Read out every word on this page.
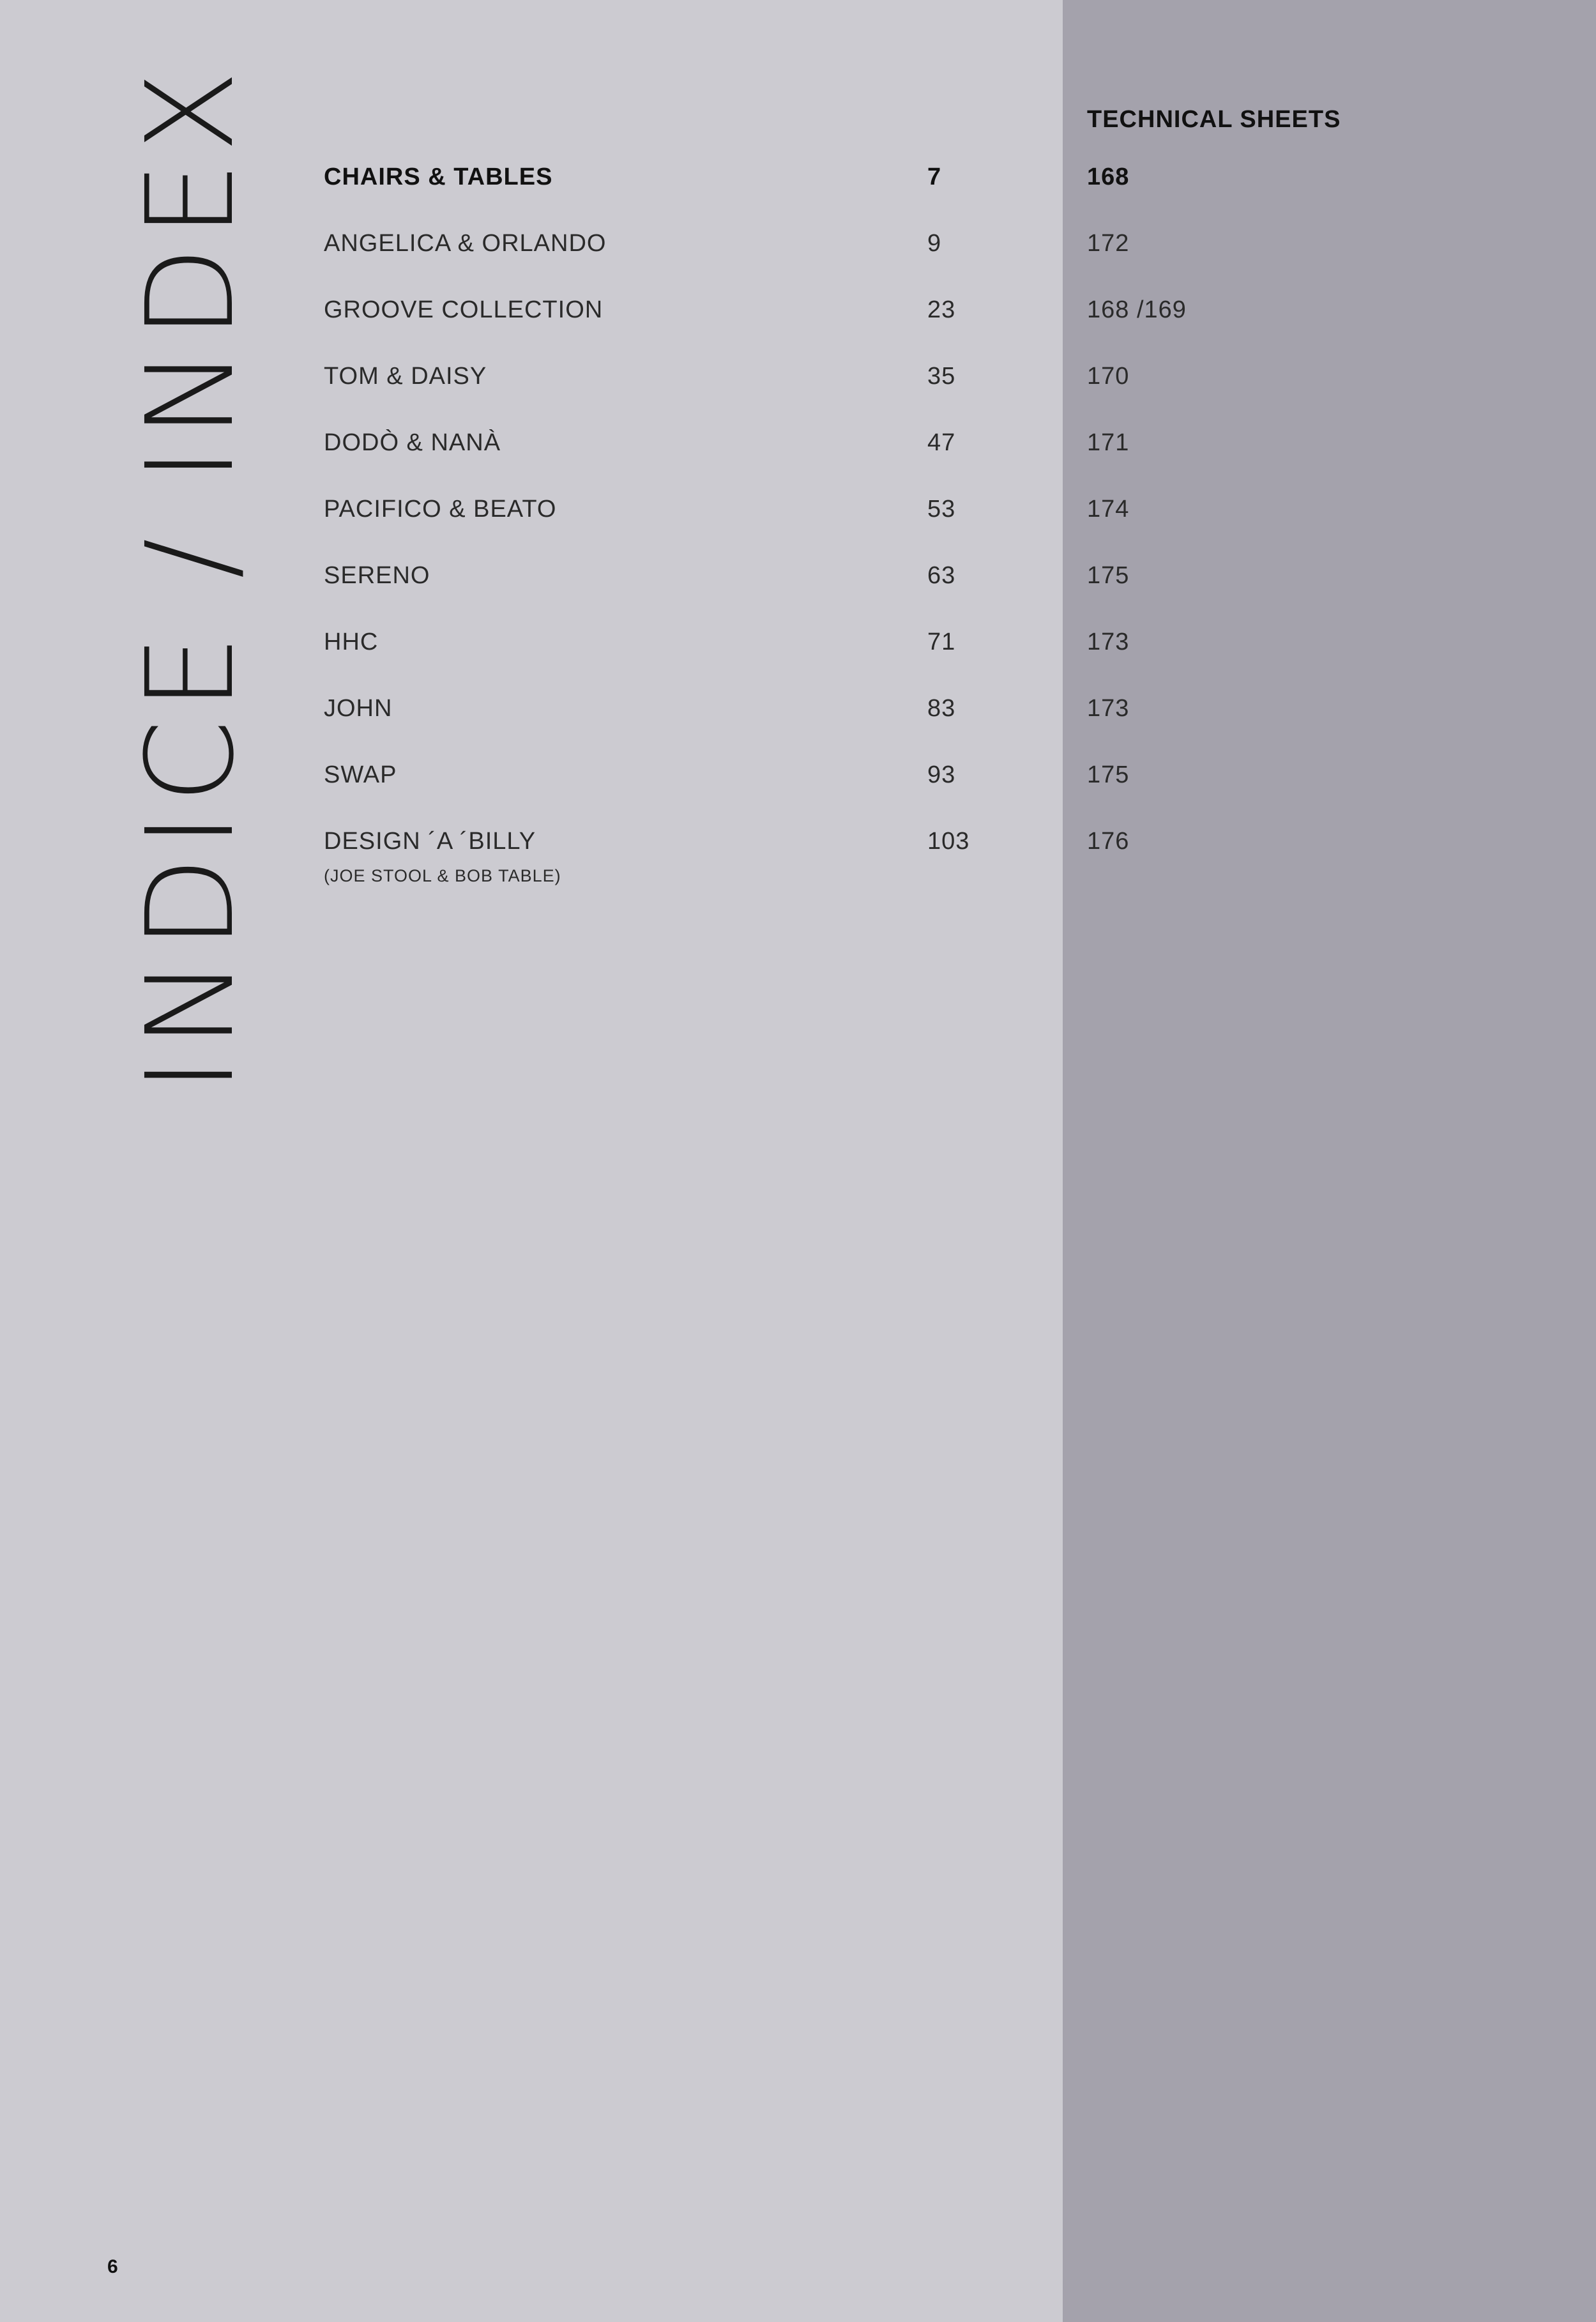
INDICE / INDEX	TECHNICAL SHEETS
CHAIRS & TABLES	7	168
ANGELICA & ORLANDO	9	172
GROOVE COLLECTION	23	168 /169
TOM & DAISY	35	170
DODÒ & NANÀ	47	171
PACIFICO & BEATO	53	174
SERENO	63	175
HHC	71	173
JOHN	83	173
SWAP	93	175
DESIGN ´A ´BILLY	103	176
(JOE STOOL & BOB TABLE)
6
